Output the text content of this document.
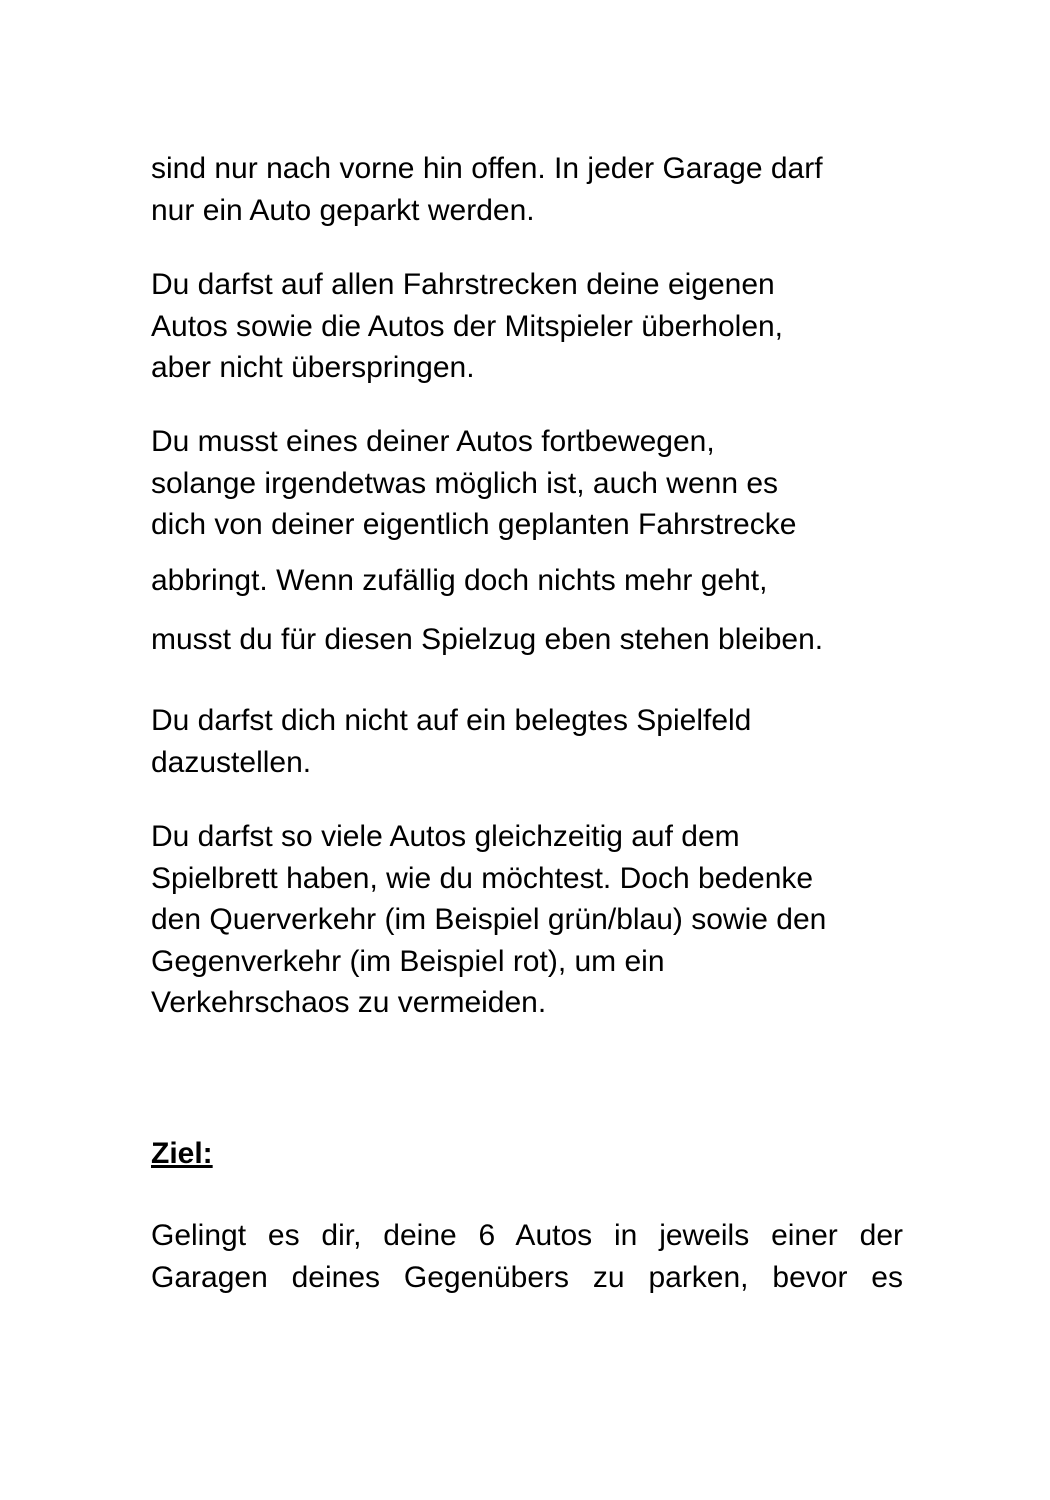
sind nur nach vorne hin offen. In jeder Garage darf
nur ein Auto geparkt werden.
Du darfst auf allen Fahrstrecken deine eigenen
Autos sowie die Autos der Mitspieler überholen,
aber nicht überspringen.
Du musst eines deiner Autos fortbewegen,
solange irgendetwas möglich ist, auch wenn es
dich von deiner eigentlich geplanten Fahrstrecke
abbringt. Wenn zufällig doch nichts mehr geht,
musst du für diesen Spielzug eben stehen bleiben.
Du darfst dich nicht auf ein belegtes Spielfeld
dazustellen.
Du darfst so viele Autos gleichzeitig auf dem
Spielbrett haben, wie du möchtest. Doch bedenke
den Querverkehr (im Beispiel grün/blau) sowie den
Gegenverkehr (im Beispiel rot), um ein
Verkehrschaos zu vermeiden.
Ziel:
Gelingt es dir, deine 6 Autos in jeweils einer der
Garagen deines Gegenübers zu parken, bevor es
